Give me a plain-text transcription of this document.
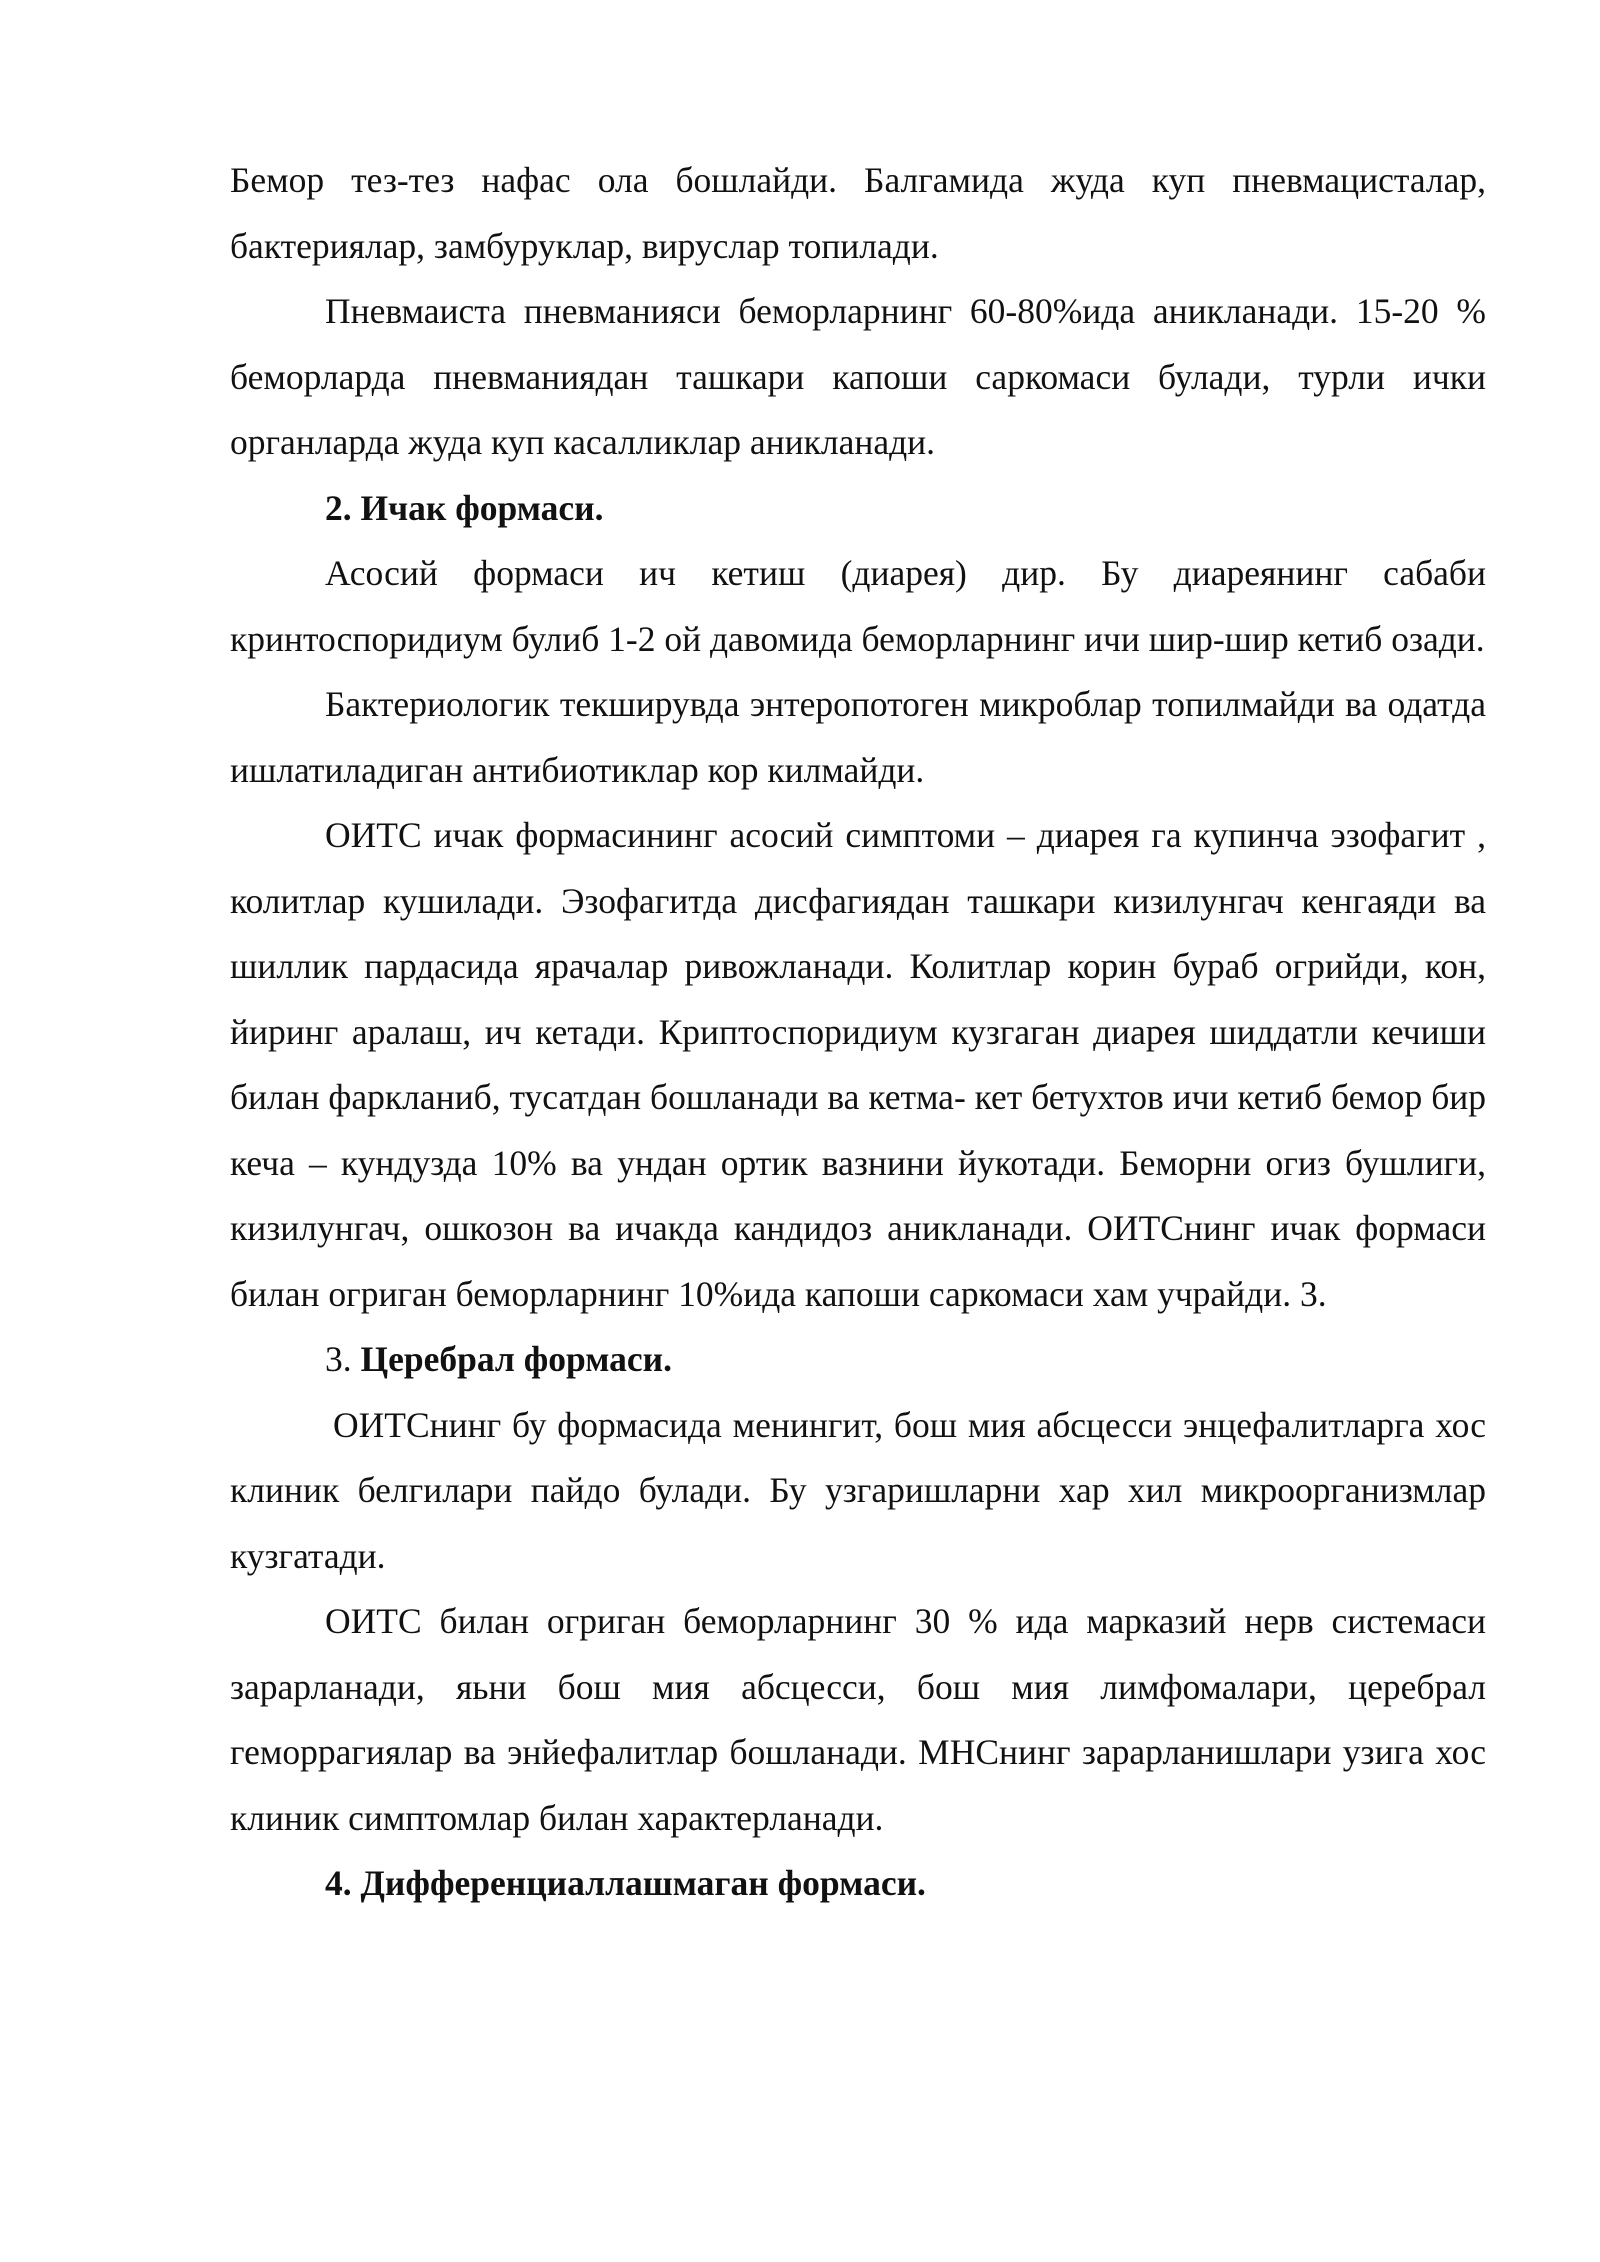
Бемор тез-тез нафас ола бошлайди. Балгамида жуда куп пневмацисталар, бактериялар, замбуруклар, вируслар топилади.

Пневмаиста пневманияси беморларнинг 60-80%ида аникланади. 15-20 % беморларда пневманиядан ташкари капоши саркомаси булади, турли ички органларда жуда куп касалликлар аникланади.

2. Ичак формаси.

Асосий формаси ич кетиш (диарея) дир. Бу диареянинг сабаби кринтоспоридиум булиб 1-2 ой давомида беморларнинг ичи шир-шир кетиб озади.

Бактериологик текширувда энтеропотоген микроблар топилмайди ва одатда ишлатиладиган антибиотиклар кор килмайди.

ОИТС ичак формасининг асосий симптоми – диарея га купинча эзофагит , колитлар кушилади. Эзофагитда дисфагиядан ташкари кизилунгач кенгаяди ва шиллик пардасида ярачалар ривожланади. Колитлар корин бураб огрийди, кон, йиринг аралаш, ич кетади. Криптоспоридиум кузгаган диарея шиддатли кечиши билан фаркланиб, тусатдан бошланади ва кетма- кет бетухтов ичи кетиб бемор бир кеча – кундузда 10% ва ундан ортик вазнини йукотади. Беморни огиз бушлиги, кизилунгач, ошкозон ва ичакда кандидоз аникланади. ОИТСнинг ичак формаси билан огриган беморларнинг 10%ида капоши саркомаси хам учрайди. 3.

3. Церебрал формаси.

ОИТСнинг бу формасида менингит, бош мия абсцесси энцефалитларга хос клиник белгилари пайдо булади. Бу узгаришларни хар хил микроорганизмлар кузгатади.

ОИТС билан огриган беморларнинг 30 % ида марказий нерв системаси зарарланади, яьни бош мия абсцесси, бош мия лимфомалари, церебрал геморрагиялар ва энйефалитлар бошланади. МНСнинг зарарланишлари узига хос клиник симптомлар билан характерланади.

4. Дифференциаллашмаган формаси.
